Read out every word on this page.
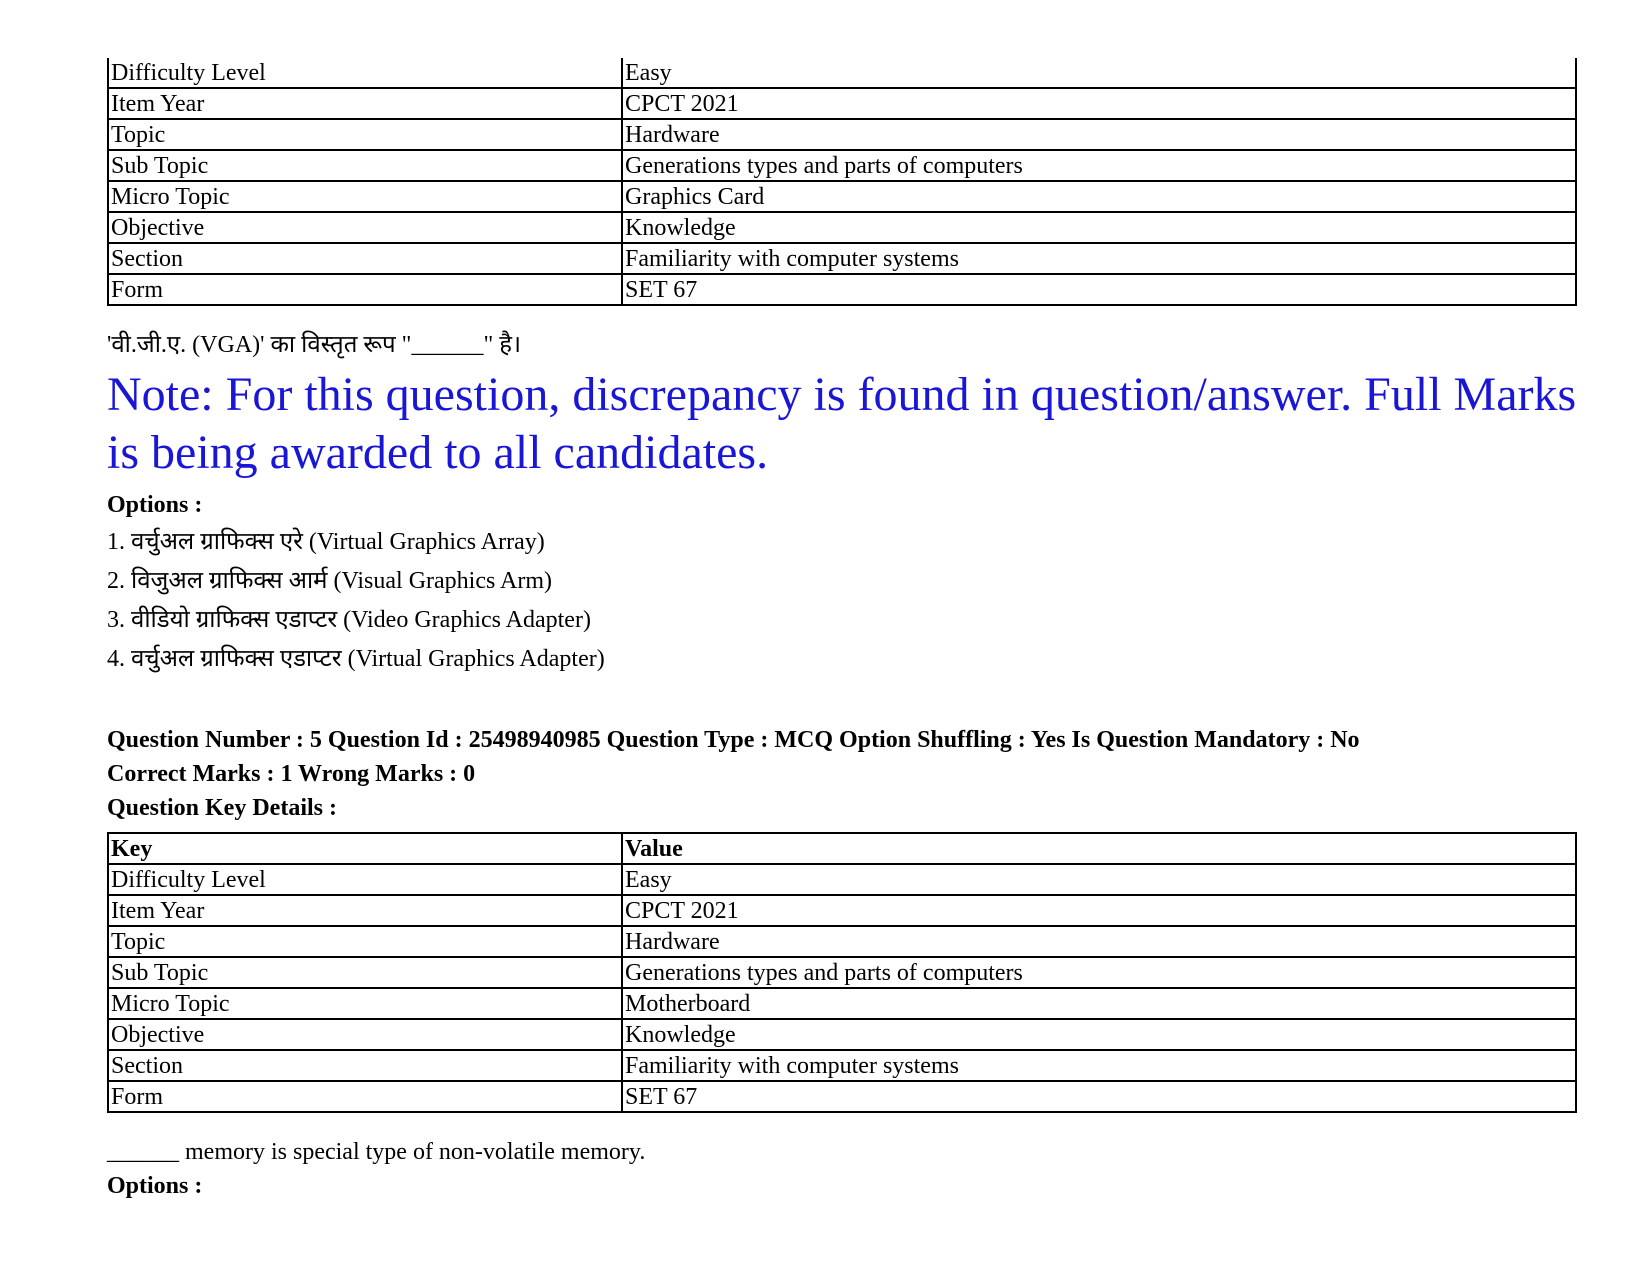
Difficulty Level	Easy
Item Year	CPCT 2021
Topic	Hardware
Sub Topic	Generations types and parts of computers
Micro Topic	Graphics Card
Objective	Knowledge
Section	Familiarity with computer systems
Form	SET 67
'वी.जी.ए. (VGA)' का विस्तृत रूप "______" है।
Note: For this question, discrepancy is found in question/answer. Full Marks is being awarded to all candidates.
Options :
1. वर्चुअल ग्राफिक्स एरे (Virtual Graphics Array)
2. विजुअल ग्राफिक्स आर्म (Visual Graphics Arm)
3. वीडियो ग्राफिक्स एडाप्टर (Video Graphics Adapter)
4. वर्चुअल ग्राफिक्स एडाप्टर (Virtual Graphics Adapter)
Question Number : 5 Question Id : 25498940985 Question Type : MCQ Option Shuffling : Yes Is Question Mandatory : No
Correct Marks : 1 Wrong Marks : 0
Question Key Details :
Key	Value
Difficulty Level	Easy
Item Year	CPCT 2021
Topic	Hardware
Sub Topic	Generations types and parts of computers
Micro Topic	Motherboard
Objective	Knowledge
Section	Familiarity with computer systems
Form	SET 67
______ memory is special type of non-volatile memory.
Options :
